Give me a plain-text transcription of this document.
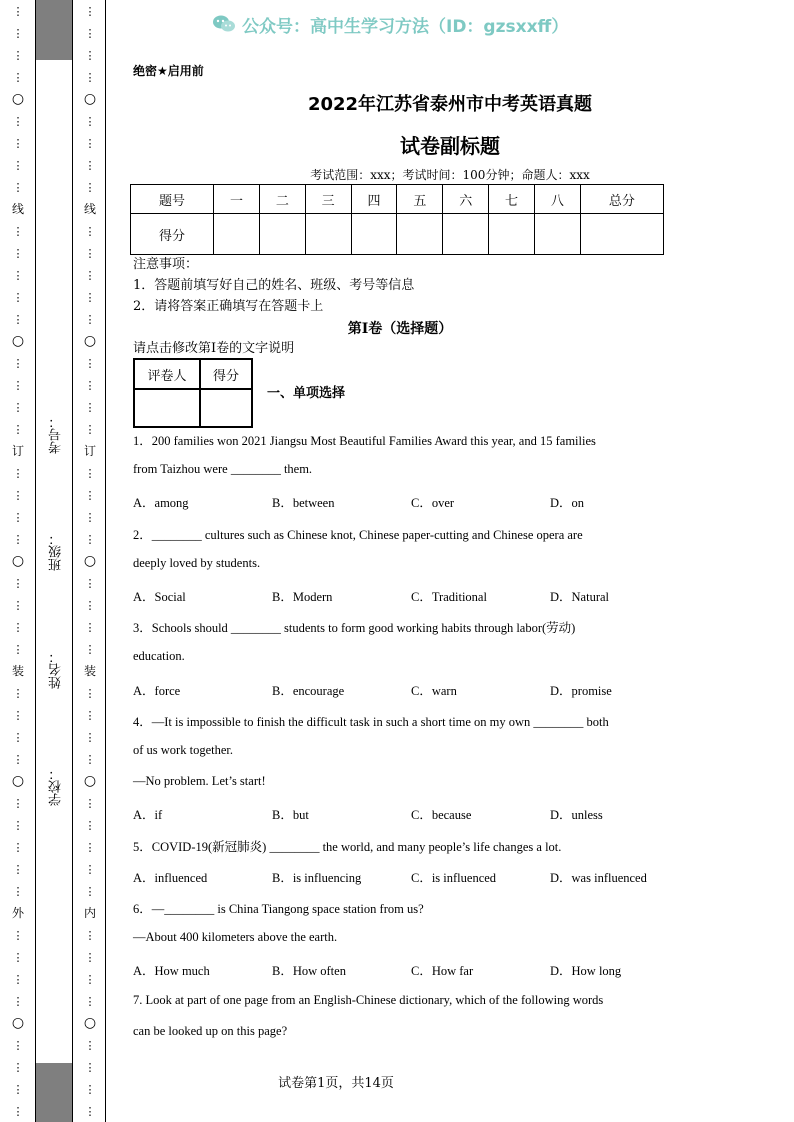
⋮
⋮
⋮
⋮
○
⋮
⋮
⋮
⋮
线
⋮
⋮
⋮
⋮
⋮
○
⋮
⋮
⋮
⋮
订
⋮
⋮
⋮
⋮
○
⋮
⋮
⋮
⋮
装
⋮
⋮
⋮
⋮
○
⋮
⋮
⋮
⋮
⋮
外
⋮
⋮
⋮
⋮
○
⋮
⋮
⋮
⋮
⋮
⋮
⋮
⋮
○
⋮
⋮
⋮
⋮
线
⋮
⋮
⋮
⋮
⋮
○
⋮
⋮
⋮
⋮
订
⋮
⋮
⋮
⋮
○
⋮
⋮
⋮
⋮
装
⋮
⋮
⋮
⋮
○
⋮
⋮
⋮
⋮
⋮
内
⋮
⋮
⋮
⋮
○
⋮
⋮
⋮
⋮
考号：
班级：
姓名：
学校：
公众号：高中生学习方法（ID：gzsxxff）
绝密★启用前
2022年江苏省泰州市中考英语真题
试卷副标题
考试范围：xxx；考试时间：100分钟；命题人：xxx
题号	一	二	三	四	五	六	七	八	总分
得分									
注意事项：
1．答题前填写好自己的姓名、班级、考号等信息
2．请将答案正确填写在答题卡上
第I卷（选择题）
请点击修改第I卷的文字说明
评卷人	得分

一、单项选择
1．200 families won 2021 Jiangsu Most Beautiful Families Award this year, and 15 families
from Taizhou were ________ them.
A．among	B．between	C．over	D．on
2．________ cultures such as Chinese knot, Chinese paper-cutting and Chinese opera are
deeply loved by students.
A．Social	B．Modern	C．Traditional	D．Natural
3．Schools should ________ students to form good working habits through labor(劳动)
education.
A．force	B．encourage	C．warn	D．promise
4．—It is impossible to finish the difficult task in such a short time on my own ________ both
of us work together.
—No problem. Let’s start!
A．if	B．but	C．because	D．unless
5．COVID-19(新冠肺炎) ________ the world, and many people’s life changes a lot.
A．influenced	B．is influencing	C．is influenced	D．was influenced
6．—________ is China Tiangong space station from us?
—About 400 kilometers above the earth.
A．How much	B．How often	C．How far	D．How long
7. Look at part of one page from an English-Chinese dictionary, which of the following words
can be looked up on this page?
试卷第1页，共14页
